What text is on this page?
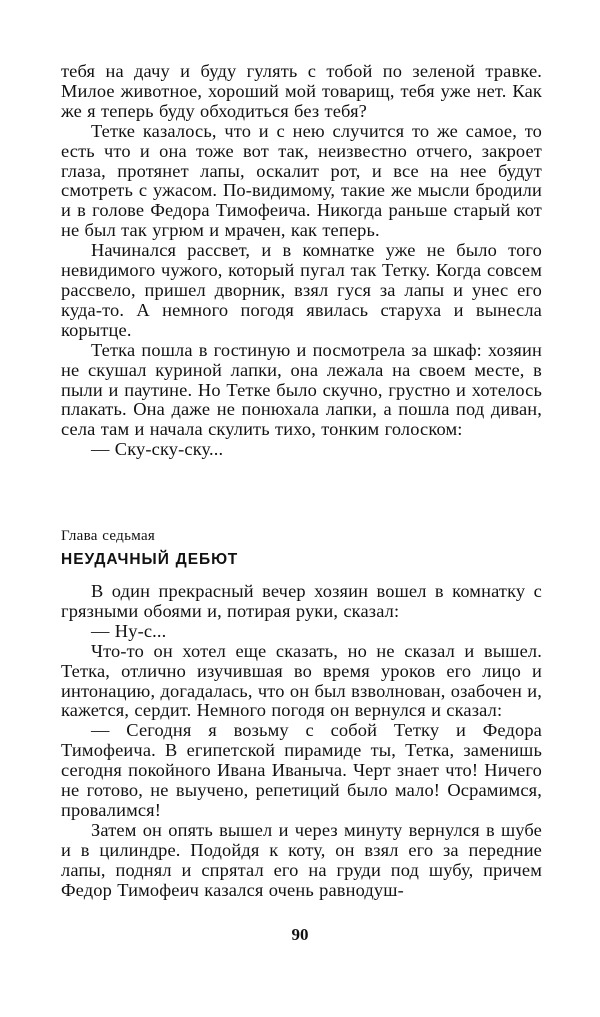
тебя на дачу и буду гулять с тобой по зеленой травке. Милое животное, хороший мой товарищ, тебя уже нет. Как же я теперь буду обходиться без тебя?

Тетке казалось, что и с нею случится то же самое, то есть что и она тоже вот так, неизвестно отчего, закроет глаза, протянет лапы, оскалит рот, и все на нее будут смотреть с ужасом. По-видимому, такие же мысли бродили и в голове Федора Тимофеича. Никогда раньше старый кот не был так угрюм и мрачен, как теперь.

Начинался рассвет, и в комнатке уже не было того невидимого чужого, который пугал так Тетку. Когда совсем рассвело, пришел дворник, взял гуся за лапы и унес его куда-то. А немного погодя явилась старуха и вынесла корытце.

Тетка пошла в гостиную и посмотрела за шкаф: хозяин не скушал куриной лапки, она лежала на своем месте, в пыли и паутине. Но Тетке было скучно, грустно и хотелось плакать. Она даже не понюхала лапки, а пошла под диван, села там и начала скулить тихо, тонким голоском:

— Ску-ску-ску...

Глава седьмая
НЕУДАЧНЫЙ ДЕБЮТ

В один прекрасный вечер хозяин вошел в комнатку с грязными обоями и, потирая руки, сказал:

— Ну-с...

Что-то он хотел еще сказать, но не сказал и вышел. Тетка, отлично изучившая во время уроков его лицо и интонацию, догадалась, что он был взволнован, озабочен и, кажется, сердит. Немного погодя он вернулся и сказал:

— Сегодня я возьму с собой Тетку и Федора Тимофеича. В египетской пирамиде ты, Тетка, заменишь сегодня покойного Ивана Иваныча. Черт знает что! Ничего не готово, не выучено, репетиций было мало! Осрамимся, провалимся!

Затем он опять вышел и через минуту вернулся в шубе и в цилиндре. Подойдя к коту, он взял его за передние лапы, поднял и спрятал его на груди под шубу, причем Федор Тимофеич казался очень равнодуш-

90
